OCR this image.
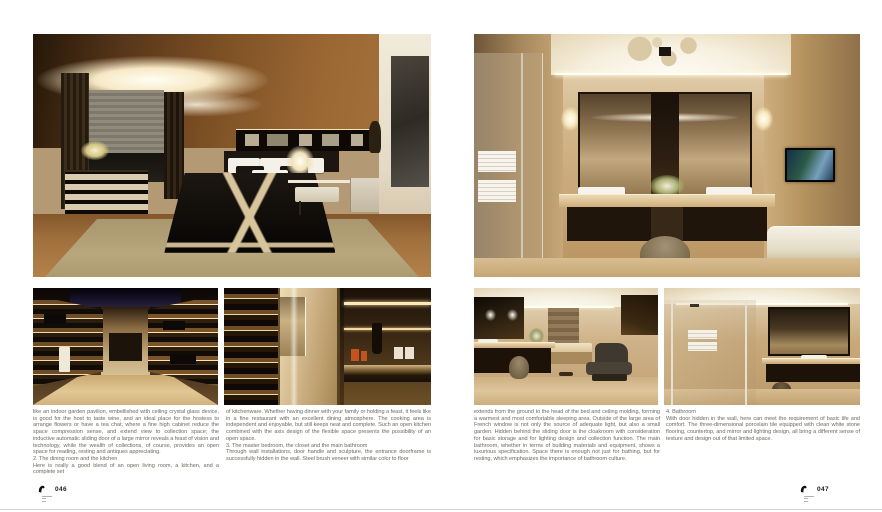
like an indoor garden pavilion, embellished with ceiling crystal glass device, is good for the host to taste wine, and an ideal place for the hostess to arrange flowers or have a tea chat, where a fine high cabinet reduce the space compression sense, and extend view to collection space; the inductive automatic sliding door of a large mirror reveals a feast of vision and technology, while the wealth of collections, of course, provides an open space for reading, resting and antiques appreciating.

2. The dining room and the kitchen

Here is really a good blend of an open living room, a kitchen, and a complete set

of kitchenware. Whether having dinner with your family or holding a feast, it feels like in a fine restaurant with an excellent dining atmosphere. The cooking area is independent and enjoyable, but still keeps neat and complete. Such an open kitchen combined with the axis design of the flexible space presents the possibility of an open space.

3. The master bedroom, the closet and the main bathroom

Through wall installations, door handle and sculpture, the entrance doorframe is successfully hidden in the wall. Steel brush veneer with similar color to floor

046

extends from the ground to the head of the bed and ceiling molding, forming a warmest and most comfortable sleeping area. Outside of the large area of French window is not only the source of adequate light, but also a small garden. Hidden behind the sliding door is the cloakroom with consideration for basic storage and for lighting design and collection function. The main bathroom, whether in terms of building materials and equipment, shows a luxurious specification. Space there is enough not just for bathing, but for resting, which emphasizes the importance of bathroom culture.

4. Bathroom

With door hidden in the wall, here can meet the requirement of basic life and comfort. The three-dimensional porcelain tile equipped with clean white stone flooring, countertop, and mirror and lighting design, all bring a different sense of texture and design out of that limited space.

047
